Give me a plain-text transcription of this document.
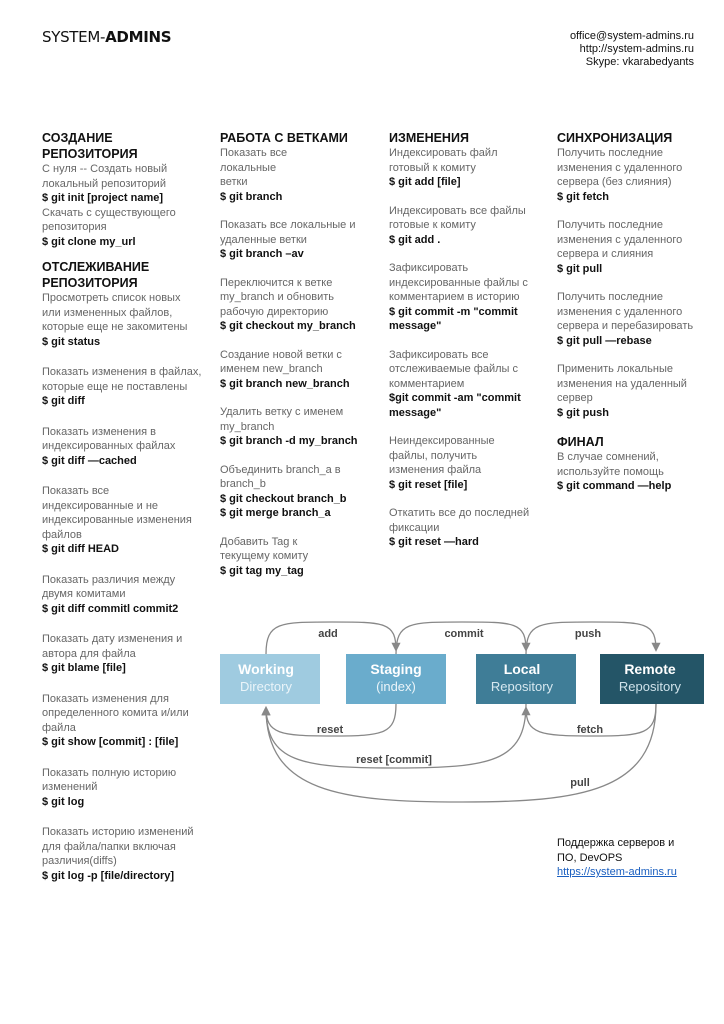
SYSTEM-ADMINS	office@system-admins.ru
http://system-admins.ru
Skype: vkarabedyants
СОЗДАНИЕ РЕПОЗИТОРИЯ
С нуля -- Создать новый локальный репозиторий
$ git init [project name]
Скачать с существующего репозитория
$ git clone my_url
ОТСЛЕЖИВАНИЕ РЕПОЗИТОРИЯ
Просмотреть список новых или измененных файлов, которые еще не закомитены
$ git status
Показать изменения в файлах, которые еще не поставлены
$ git diff
Показать изменения в индексированных файлах
$ git diff —cached
Показать все индексированные и не индексированные изменения файлов
$ git diff HEAD
Показать различия между двумя комитами
$ git diff commitl commit2
Показать дату изменения и автора для файла
$ git blame [file]
Показать изменения для определенного комита и/или файла
$ git show [commit] : [file]
Показать полную историю изменений
$ git log
Показать историю изменений для файла/папки включая различия(diffs)
$ git log -p [file/directory]
РАБОТА С ВЕТКАМИ
Показать все локальные ветки
$ git branch
Показать все локальные и удаленные ветки
$ git branch –av
Переключится к ветке my_branch и обновить рабочую директорию
$ git checkout my_branch
Создание новой ветки с именем new_branch
$ git branch new_branch
Удалить ветку с именем my_branch
$ git branch -d my_branch
Объединить branch_a в branch_b
$ git checkout branch_b
$ git merge branch_a
Добавить Tag к текущему комиту
$ git tag my_tag
ИЗМЕНЕНИЯ
Индексировать файл готовый к комиту
$ git add [file]
Индексировать все файлы готовые к комиту
$ git add .
Зафиксировать индексированные файлы с комментарием в историю
$ git commit -m "commit message"
Зафиксировать все отслеживаемые файлы с комментарием
$git commit -am "commit message"
Неиндексированные файлы, получить изменения файла
$ git reset [file]
Откатить все до последней фиксации
$ git reset —hard
СИНХРОНИЗАЦИЯ
Получить последние изменения с удаленного сервера (без слияния)
$ git fetch
Получить последние изменения с удаленного сервера и слияния
$ git pull
Получить последние изменения с удаленного сервера и перебазировать
$ git pull —rebase
Применить локальные изменения на удаленный сервер
$ git push
ФИНАЛ
В случае сомнений, используйте помощь
$ git command —help
add	commit	push
reset	fetch
reset [commit]
pull
Working
Directory
Staging
(index)
Local
Repository
Remote
Repository
Поддержка серверов и ПО, DevOPS
https://system-admins.ru
